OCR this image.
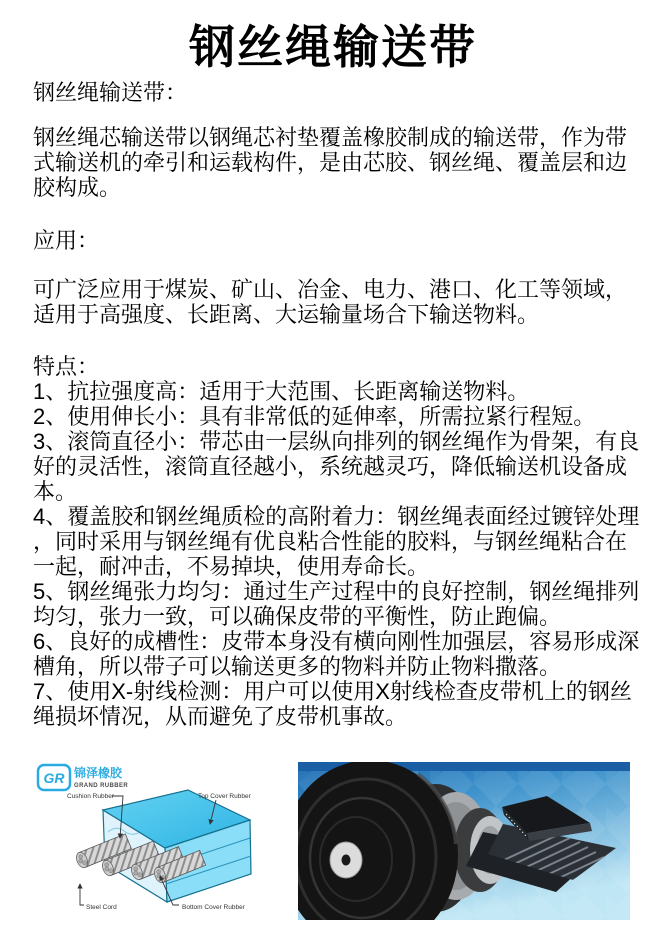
钢丝绳输送带

钢丝绳输送带：

钢丝绳芯输送带以钢绳芯衬垫覆盖橡胶制成的输送带，作为带式输送机的牵引和运载构件，是由芯胶、钢丝绳、覆盖层和边胶构成。

应用：

可广泛应用于煤炭、矿山、冶金、电力、港口、化工等领域，适用于高强度、长距离、大运输量场合下输送物料。

特点：

1、抗拉强度高：适用于大范围、长距离输送物料。

2、使用伸长小：具有非常低的延伸率，所需拉紧行程短。

3、滚筒直径小：带芯由一层纵向排列的钢丝绳作为骨架，有良好的灵活性，滚筒直径越小，系统越灵巧，降低输送机设备成本。

4、覆盖胶和钢丝绳质检的高附着力：钢丝绳表面经过镀锌处理，同时采用与钢丝绳有优良粘合性能的胶料，与钢丝绳粘合在一起，耐冲击，不易掉块，使用寿命长。

5、钢丝绳张力均匀：通过生产过程中的良好控制，钢丝绳排列均匀，张力一致，可以确保皮带的平衡性，防止跑偏。

6、良好的成槽性：皮带本身没有横向刚性加强层，容易形成深槽角，所以带子可以输送更多的物料并防止物料撒落。

7、使用X-射线检测：用户可以使用X射线检查皮带机上的钢丝绳损坏情况，从而避免了皮带机事故。

GR 锦泽橡胶
GRAND RUBBER
Cushion Rubber	Top Cover Rubber
Steel Cord	Bottom Cover Rubber
